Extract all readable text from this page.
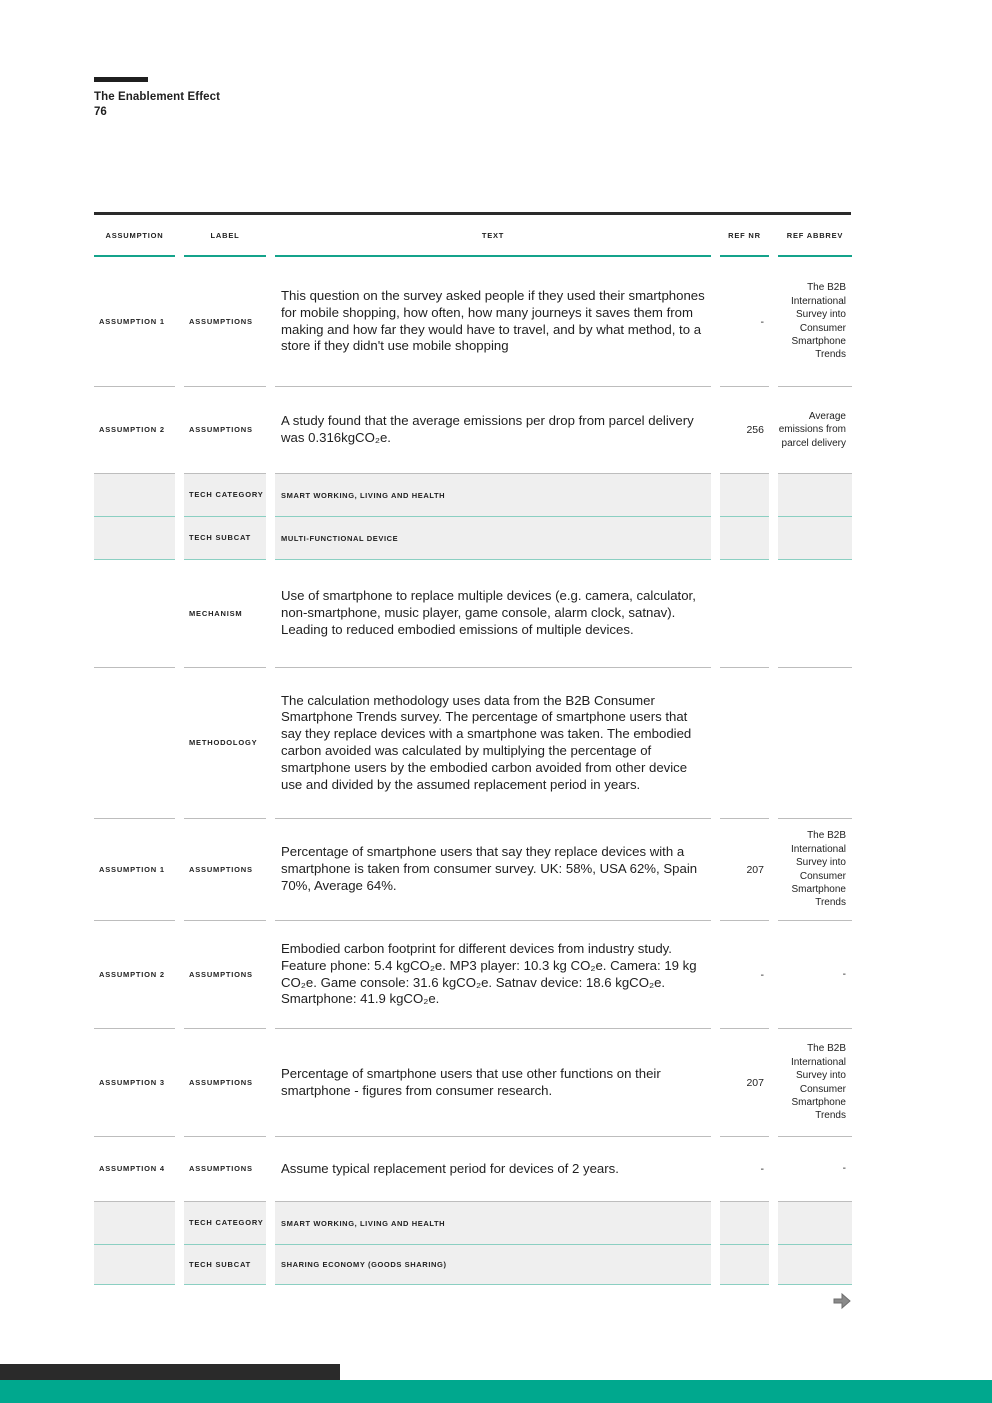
The Enablement Effect
76
ASSUMPTION	LABEL	TEXT	REF NR	REF ABBREV
ASSUMPTION 1	ASSUMPTIONS	This question on the survey asked people if they used their smartphones for mobile shopping, how often, how many journeys it saves them from making and how far they would have to travel, and by what method, to a store if they didn't use mobile shopping	-	The B2B International Survey into Consumer Smartphone Trends
ASSUMPTION 2	ASSUMPTIONS	A study found that the average emissions per drop from parcel delivery was 0.316kgCO₂e.	256	Average emissions from parcel delivery
	TECH CATEGORY	SMART WORKING, LIVING AND HEALTH		
	TECH SUBCAT	MULTI-FUNCTIONAL DEVICE		
	MECHANISM	Use of smartphone to replace multiple devices (e.g. camera, calculator, non-smartphone, music player, game console, alarm clock, satnav). Leading to reduced embodied emissions of multiple devices.		
	METHODOLOGY	The calculation methodology uses data from the B2B Consumer Smartphone Trends survey. The percentage of smartphone users that say they replace devices with a smartphone was taken. The embodied carbon avoided was calculated by multiplying the percentage of smartphone users by the embodied carbon avoided from other device use and divided by the assumed replacement period in years.		
ASSUMPTION 1	ASSUMPTIONS	Percentage of smartphone users that say they replace devices with a smartphone is taken from consumer survey. UK: 58%, USA 62%, Spain 70%, Average 64%.	207	The B2B International Survey into Consumer Smartphone Trends
ASSUMPTION 2	ASSUMPTIONS	Embodied carbon footprint for different devices from industry study. Feature phone: 5.4 kgCO₂e. MP3 player: 10.3 kg CO₂e. Camera: 19 kg CO₂e. Game console: 31.6 kgCO₂e. Satnav device: 18.6 kgCO₂e. Smartphone: 41.9 kgCO₂e.	-	-
ASSUMPTION 3	ASSUMPTIONS	Percentage of smartphone users that use other functions on their smartphone - figures from consumer research.	207	The B2B International Survey into Consumer Smartphone Trends
ASSUMPTION 4	ASSUMPTIONS	Assume typical replacement period for devices of 2 years.	-	-
	TECH CATEGORY	SMART WORKING, LIVING AND HEALTH		
	TECH SUBCAT	SHARING ECONOMY (GOODS SHARING)		
